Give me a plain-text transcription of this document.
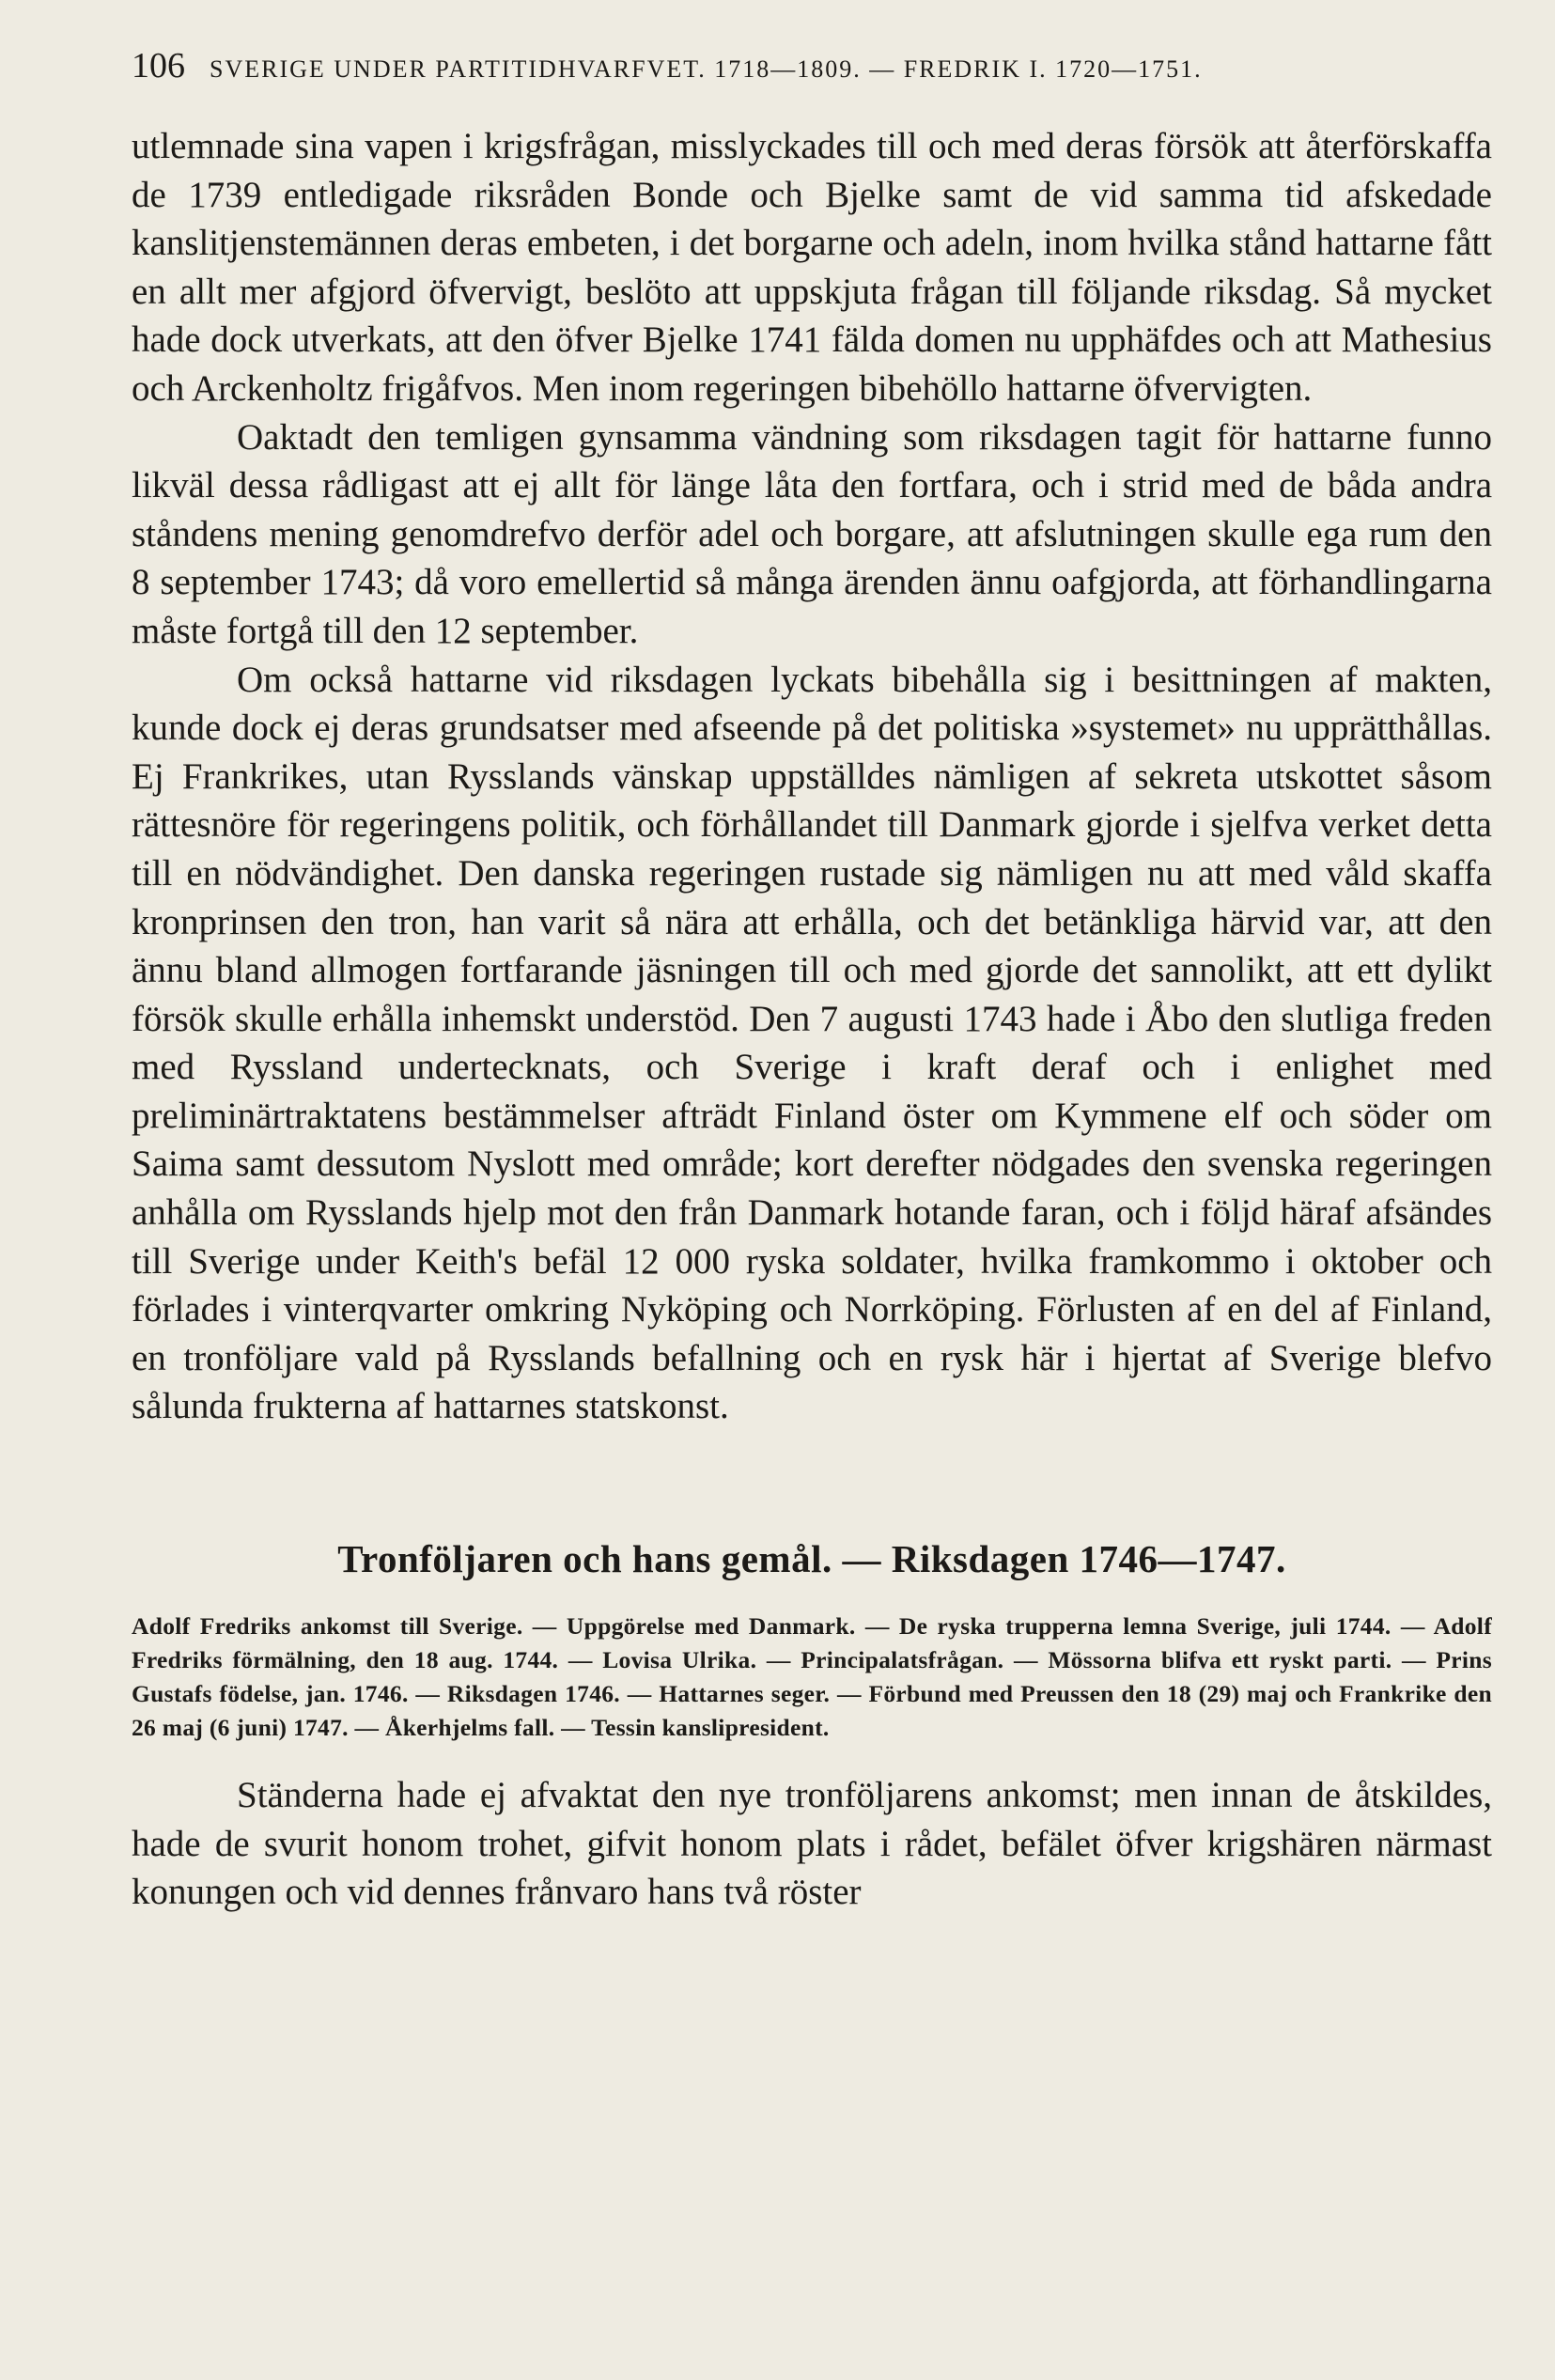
106 SVERIGE UNDER PARTITIDHVARFVET. 1718—1809. — FREDRIK I. 1720—1751.

utlemnade sina vapen i krigsfrågan, misslyckades till och med deras försök att återförskaffa de 1739 entledigade riksråden Bonde och Bjelke samt de vid samma tid afskedade kanslitjenstemännen deras embeten, i det borgarne och adeln, inom hvilka stånd hattarne fått en allt mer afgjord öfvervigt, beslöto att uppskjuta frågan till följande riksdag. Så mycket hade dock utverkats, att den öfver Bjelke 1741 fälda domen nu upphäfdes och att Mathesius och Arckenholtz frigåfvos. Men inom regeringen bibehöllo hattarne öfvervigten.

Oaktadt den temligen gynsamma vändning som riksdagen tagit för hattarne funno likväl dessa rådligast att ej allt för länge låta den fortfara, och i strid med de båda andra ståndens mening genomdrefvo derför adel och borgare, att afslutningen skulle ega rum den 8 september 1743; då voro emellertid så många ärenden ännu oafgjorda, att förhandlingarna måste fortgå till den 12 september.

Om också hattarne vid riksdagen lyckats bibehålla sig i besittningen af makten, kunde dock ej deras grundsatser med afseende på det politiska »systemet» nu upprätthållas. Ej Frankrikes, utan Rysslands vänskap uppställdes nämligen af sekreta utskottet såsom rättesnöre för regeringens politik, och förhållandet till Danmark gjorde i sjelfva verket detta till en nödvändighet. Den danska regeringen rustade sig nämligen nu att med våld skaffa kronprinsen den tron, han varit så nära att erhålla, och det betänkliga härvid var, att den ännu bland allmogen fortfarande jäsningen till och med gjorde det sannolikt, att ett dylikt försök skulle erhålla inhemskt understöd. Den 7 augusti 1743 hade i Åbo den slutliga freden med Ryssland undertecknats, och Sverige i kraft deraf och i enlighet med preliminärtraktatens bestämmelser afträdt Finland öster om Kymmene elf och söder om Saima samt dessutom Nyslott med område; kort derefter nödgades den svenska regeringen anhålla om Rysslands hjelp mot den från Danmark hotande faran, och i följd häraf afsändes till Sverige under Keith's befäl 12 000 ryska soldater, hvilka framkommo i oktober och förlades i vinterqvarter omkring Nyköping och Norrköping. Förlusten af en del af Finland, en tronföljare vald på Rysslands befallning och en rysk här i hjertat af Sverige blefvo sålunda frukterna af hattarnes statskonst.

Tronföljaren och hans gemål. — Riksdagen 1746—1747.

Adolf Fredriks ankomst till Sverige. — Uppgörelse med Danmark. — De ryska trupperna lemna Sverige, juli 1744. — Adolf Fredriks förmälning, den 18 aug. 1744. — Lovisa Ulrika. — Principalatsfrågan. — Mössorna blifva ett ryskt parti. — Prins Gustafs födelse, jan. 1746. — Riksdagen 1746. — Hattarnes seger. — Förbund med Preussen den 18 (29) maj och Frankrike den 26 maj (6 juni) 1747. — Åkerhjelms fall. — Tessin kanslipresident.

Ständerna hade ej afvaktat den nye tronföljarens ankomst; men innan de åtskildes, hade de svurit honom trohet, gifvit honom plats i rådet, befälet öfver krigshären närmast konungen och vid dennes frånvaro hans två röster
